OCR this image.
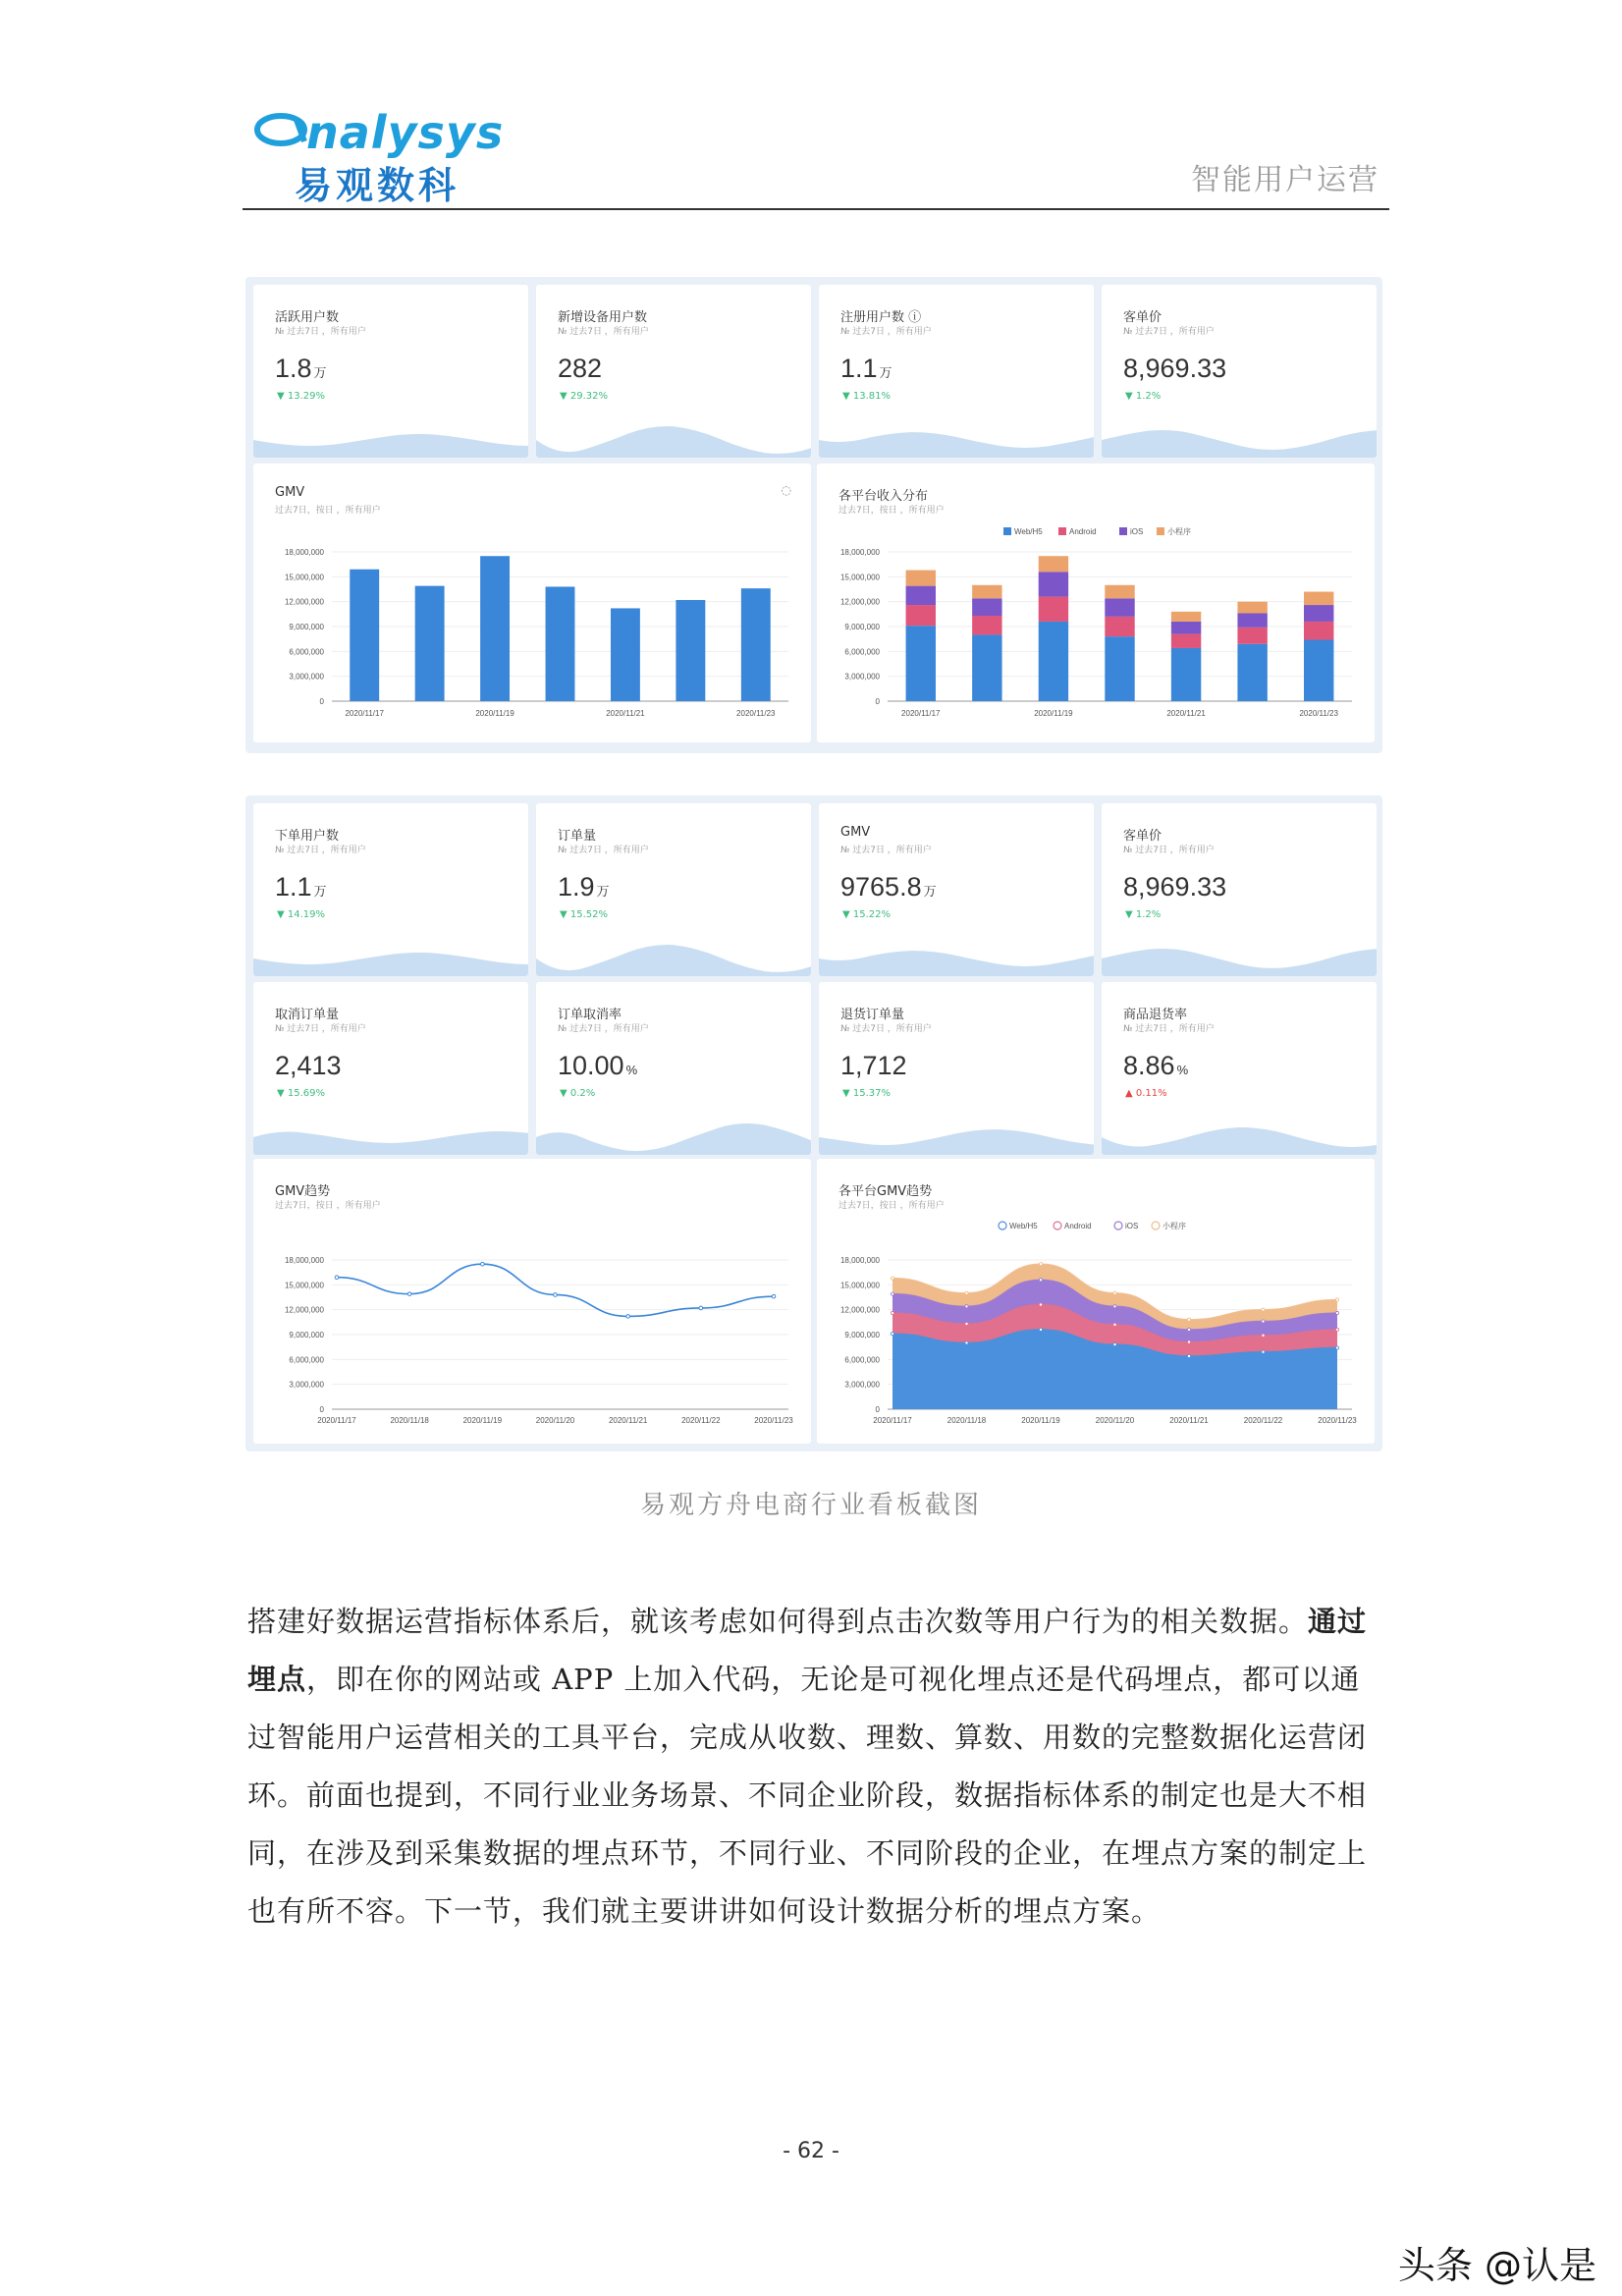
nalysys
易观数科	智能用户运营
活跃用户数
№ 过去7日 ，所有用户
1.8 万
▼ 13.29%
新增设备用户数
№ 过去7日 ，所有用户
282
▼ 29.32%
注册用户数 ⓘ
№ 过去7日 ，所有用户
1.1 万
▼ 13.81%
客单价
№ 过去7日 ，所有用户
8,969.33
▼ 1.2%
GMV
过去7日，按日 ，所有用户
◌
18,000,000
15,000,000
12,000,000
9,000,000
6,000,000
3,000,000
0
2020/11/17	2020/11/19	2020/11/21	2020/11/23
各平台收入分布
过去7日，按日 ，所有用户
18,000,000
15,000,000
12,000,000
9,000,000
6,000,000
3,000,000
0
Web/H5	Android	iOS	小程序
2020/11/17	2020/11/19	2020/11/21	2020/11/23
下单用户数
№ 过去7日 ，所有用户
1.1 万
▼ 14.19%
订单量
№ 过去7日 ，所有用户
1.9 万
▼ 15.52%
GMV
№ 过去7日 ，所有用户
9765.8 万
▼ 15.22%
客单价
№ 过去7日 ，所有用户
8,969.33
▼ 1.2%
取消订单量
№ 过去7日 ，所有用户
2,413
▼ 15.69%
订单取消率
№ 过去7日 ，所有用户
10.00 %
▼ 0.2%
退货订单量
№ 过去7日 ，所有用户
1,712
▼ 15.37%
商品退货率
№ 过去7日 ，所有用户
8.86 %
▲ 0.11%
GMV趋势
过去7日，按日 ，所有用户
18,000,000
15,000,000
12,000,000
9,000,000
6,000,000
3,000,000
0
2020/11/17	2020/11/18	2020/11/19	2020/11/20	2020/11/21	2020/11/22	2020/11/23
各平台GMV趋势
过去7日，按日 ，所有用户
18,000,000
15,000,000
12,000,000
9,000,000
6,000,000
3,000,000
0
Web/H5	Android	iOS	小程序
2020/11/17	2020/11/18	2020/11/19	2020/11/20	2020/11/21	2020/11/22	2020/11/23
易观方舟电商行业看板截图
搭建好数据运营指标体系后，就该考虑如何得到点击次数等用户行为的相关数据。通过埋点，即在你的网站或 APP 上加入代码，无论是可视化埋点还是代码埋点，都可以通过智能用户运营相关的工具平台，完成从收数、理数、算数、用数的完整数据化运营闭环。前面也提到，不同行业业务场景、不同企业阶段，数据指标体系的制定也是大不相同，在涉及到采集数据的埋点环节，不同行业、不同阶段的企业，在埋点方案的制定上也有所不容。下一节，我们就主要讲讲如何设计数据分析的埋点方案。
- 62 -
头条 @认是
